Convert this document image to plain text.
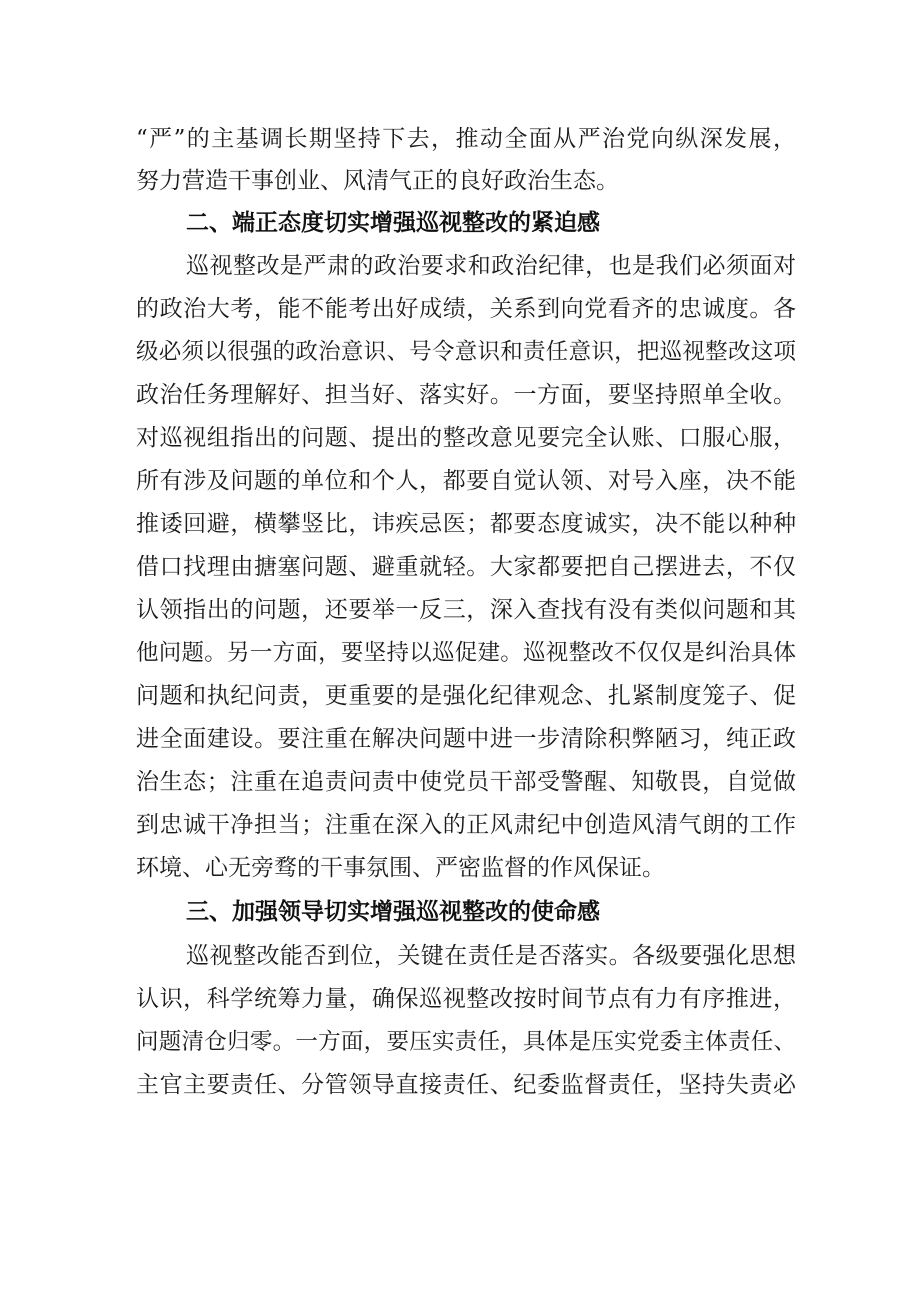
“严”的主基调长期坚持下去，推动全面从严治党向纵深发展，
努力营造干事创业、风清气正的良好政治生态。
二、端正态度切实增强巡视整改的紧迫感
巡视整改是严肃的政治要求和政治纪律，也是我们必须面对
的政治大考，能不能考出好成绩，关系到向党看齐的忠诚度。各
级必须以很强的政治意识、号令意识和责任意识，把巡视整改这项
政治任务理解好、担当好、落实好。一方面，要坚持照单全收。
对巡视组指出的问题、提出的整改意见要完全认账、口服心服，
所有涉及问题的单位和个人，都要自觉认领、对号入座，决不能
推诿回避，横攀竖比，讳疾忌医；都要态度诚实，决不能以种种
借口找理由搪塞问题、避重就轻。大家都要把自己摆进去，不仅
认领指出的问题，还要举一反三，深入查找有没有类似问题和其
他问题。另一方面，要坚持以巡促建。巡视整改不仅仅是纠治具体
问题和执纪问责，更重要的是强化纪律观念、扎紧制度笼子、促
进全面建设。要注重在解决问题中进一步清除积弊陋习，纯正政
治生态；注重在追责问责中使党员干部受警醒、知敬畏，自觉做
到忠诚干净担当；注重在深入的正风肃纪中创造风清气朗的工作
环境、心无旁骛的干事氛围、严密监督的作风保证。
三、加强领导切实增强巡视整改的使命感
巡视整改能否到位，关键在责任是否落实。各级要强化思想
认识，科学统筹力量，确保巡视整改按时间节点有力有序推进，
问题清仓归零。一方面，要压实责任，具体是压实党委主体责任、
主官主要责任、分管领导直接责任、纪委监督责任，坚持失责必
